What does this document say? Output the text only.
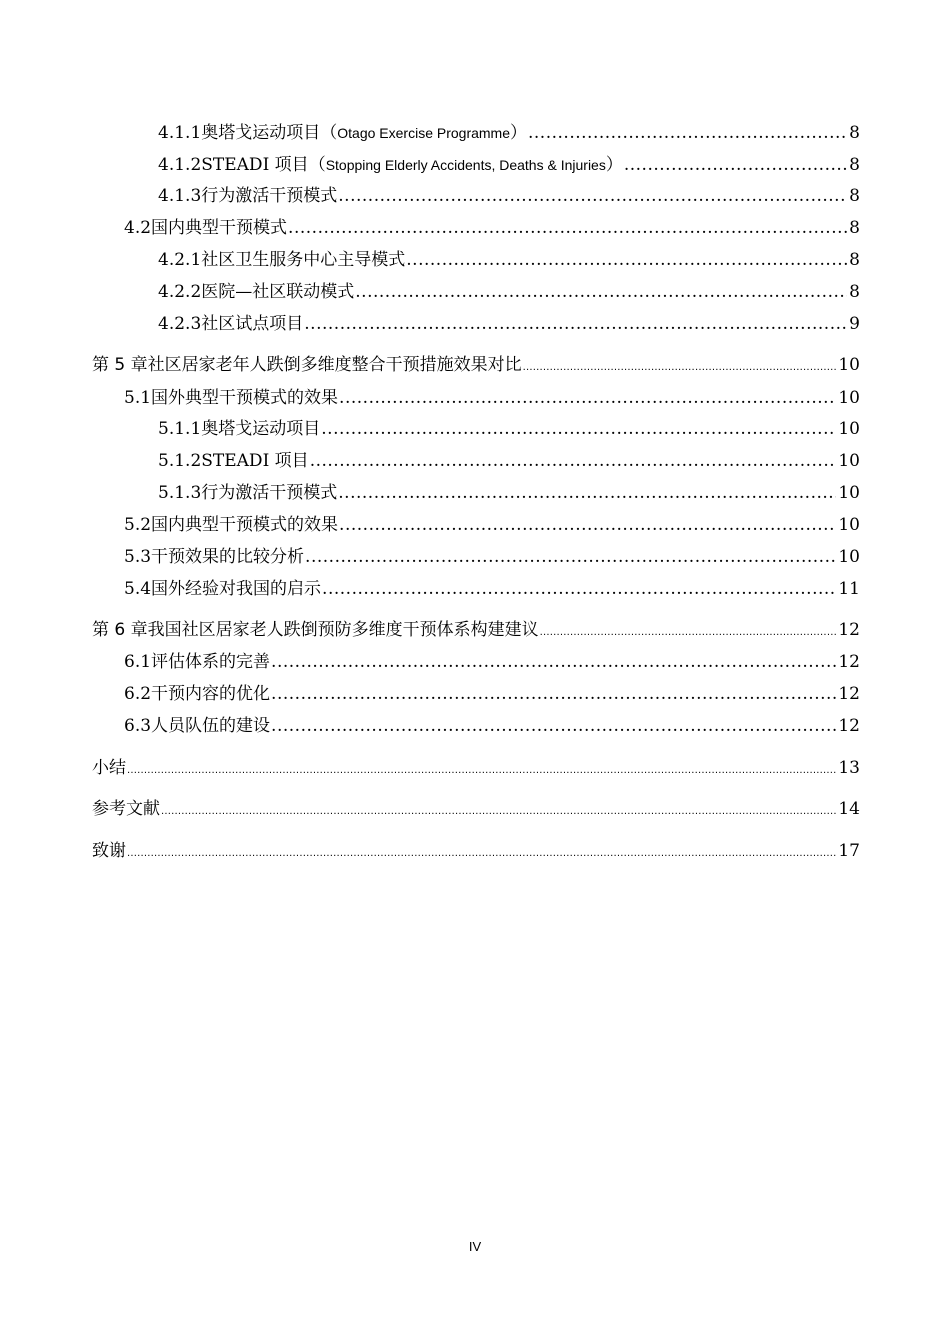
4.1.1 奥塔戈运动项目 （ Otago Exercise Programme ） .....	8
4.1.2 STEADI 项目 （ Stopping Elderly Accidents, Deaths & Injuries ） .....	8
4.1.3 行为激活干预模式 .....	8
4.2 国内典型干预模式 .....	8
4.2.1 社区卫生服务中心主导模式 .....	8
4.2.2 医院—社区联动模式 .....	8
4.2.3 社区试点项目 .....	9
第 5 章 社区居家老年人跌倒多维度整合干预措施效果对比 .....	10
5.1 国外典型干预模式的效果 .....	10
5.1.1 奥塔戈运动项目 .....	10
5.1.2 STEADI 项目 .....	10
5.1.3 行为激活干预模式 .....	10
5.2 国内典型干预模式的效果 .....	10
5.3 干预效果的比较分析 .....	10
5.4 国外经验对我国的启示 .....	11
第 6 章 我国社区居家老人跌倒预防多维度干预体系构建建议 .....	12
6.1 评估体系的完善 .....	12
6.2 干预内容的优化 .....	12
6.3 人员队伍的建设 .....	12
小结 .....	13
参考文献 .....	14
致谢 .....	17
IV
